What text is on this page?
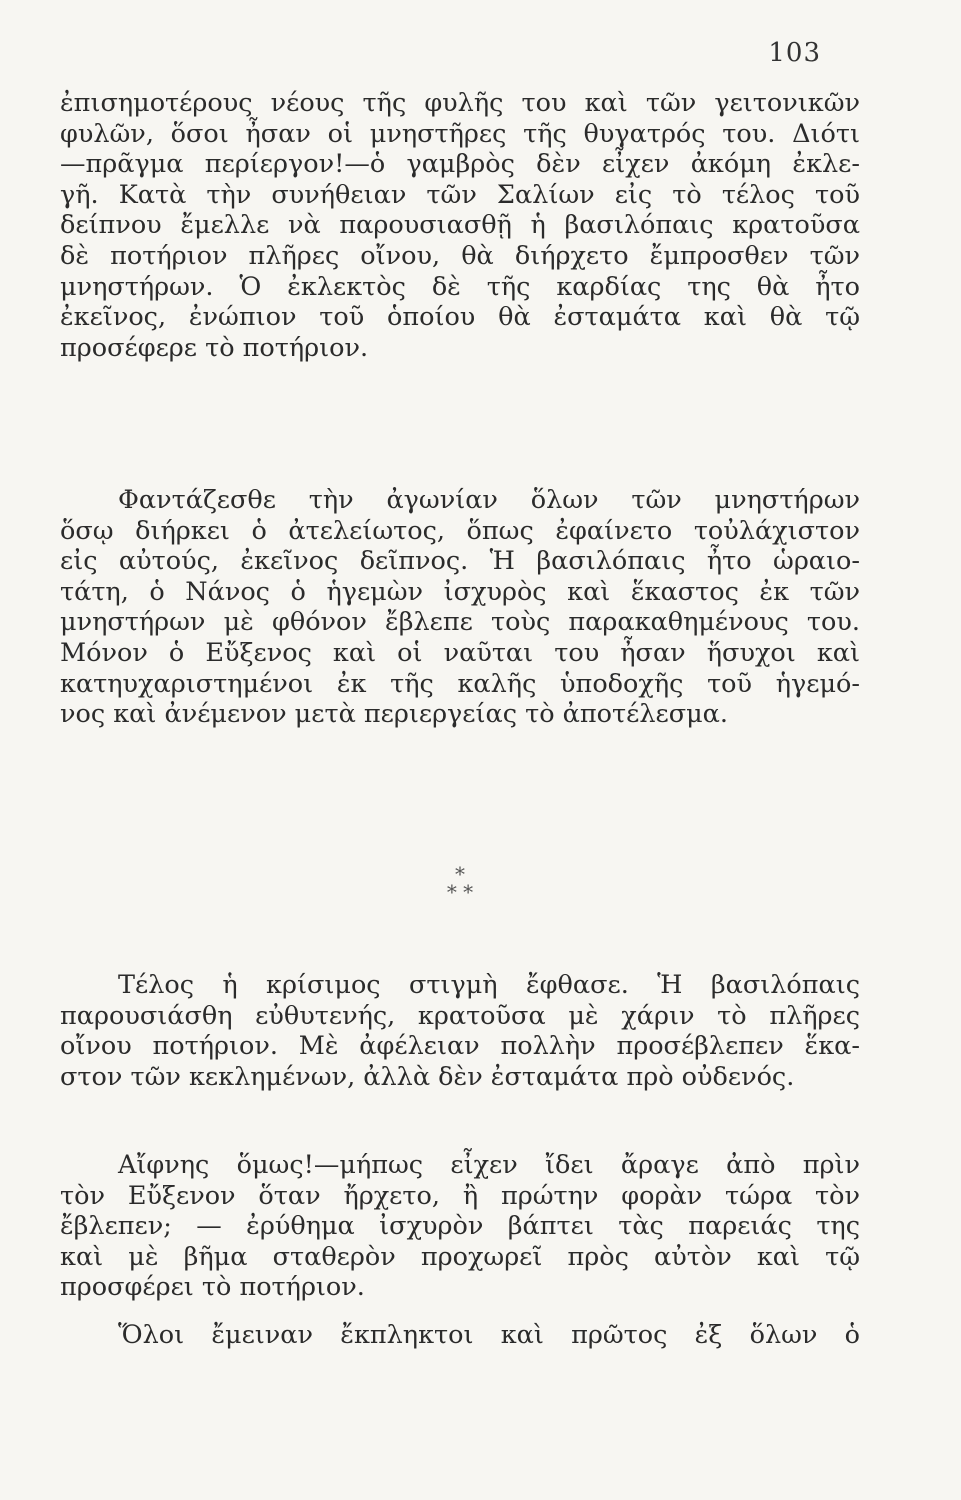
103
ἐπισημοτέρους νέους τῆς φυλῆς του καὶ τῶν γειτονικῶν
φυλῶν, ὅσοι ἦσαν οἱ μνηστῆρες τῆς θυγατρός του. Διότι
—πρᾶγμα περίεργον!—ὁ γαμβρὸς δὲν εἶχεν ἀκόμη ἐκλε-
γῆ. Κατὰ τὴν συνήθειαν τῶν Σαλίων εἰς τὸ τέλος τοῦ
δείπνου ἔμελλε νὰ παρουσιασθῇ ἡ βασιλόπαις κρατοῦσα
δὲ ποτήριον πλῆρες οἴνου, θὰ διήρχετο ἔμπροσθεν τῶν
μνηστήρων. Ὁ ἐκλεκτὸς δὲ τῆς καρδίας της θὰ ἦτο
ἐκεῖνος, ἐνώπιον τοῦ ὁποίου θὰ ἐσταμάτα καὶ θὰ τῷ
προσέφερε τὸ ποτήριον.
Φαντάζεσθε τὴν ἀγωνίαν ὅλων τῶν μνηστήρων
ὅσῳ διήρκει ὁ ἀτελείωτος, ὅπως ἐφαίνετο τοὐλάχιστον
εἰς αὐτούς, ἐκεῖνος δεῖπνος. Ἡ βασιλόπαις ἦτο ὡραιο-
τάτη, ὁ Νάνος ὁ ἡγεμὼν ἰσχυρὸς καὶ ἕκαστος ἐκ τῶν
μνηστήρων μὲ φθόνον ἔβλεπε τοὺς παρακαθημένους του.
Μόνον ὁ Εὔξενος καὶ οἱ ναῦται του ἦσαν ἥσυχοι καὶ
κατηυχαριστημένοι ἐκ τῆς καλῆς ὑποδοχῆς τοῦ ἡγεμό-
νος καὶ ἀνέμενον μετὰ περιεργείας τὸ ἀποτέλεσμα.
*
* *
Τέλος ἡ κρίσιμος στιγμὴ ἔφθασε. Ἡ βασιλόπαις
παρουσιάσθη εὐθυτενής, κρατοῦσα μὲ χάριν τὸ πλῆρες
οἴνου ποτήριον. Μὲ ἀφέλειαν πολλὴν προσέβλεπεν ἕκα-
στον τῶν κεκλημένων, ἀλλὰ δὲν ἐσταμάτα πρὸ οὐδενός.
Αἴφνης ὅμως!—μήπως εἶχεν ἴδει ἄραγε ἀπὸ πρὶν
τὸν Εὔξενον ὅταν ἤρχετο, ἢ πρώτην φορὰν τώρα τὸν
ἔβλεπεν; — ἐρύθημα ἰσχυρὸν βάπτει τὰς παρειάς της
καὶ μὲ βῆμα σταθερὸν προχωρεῖ πρὸς αὐτὸν καὶ τῷ
προσφέρει τὸ ποτήριον.
Ὅλοι ἔμειναν ἔκπληκτοι καὶ πρῶτος ἐξ ὅλων ὁ
